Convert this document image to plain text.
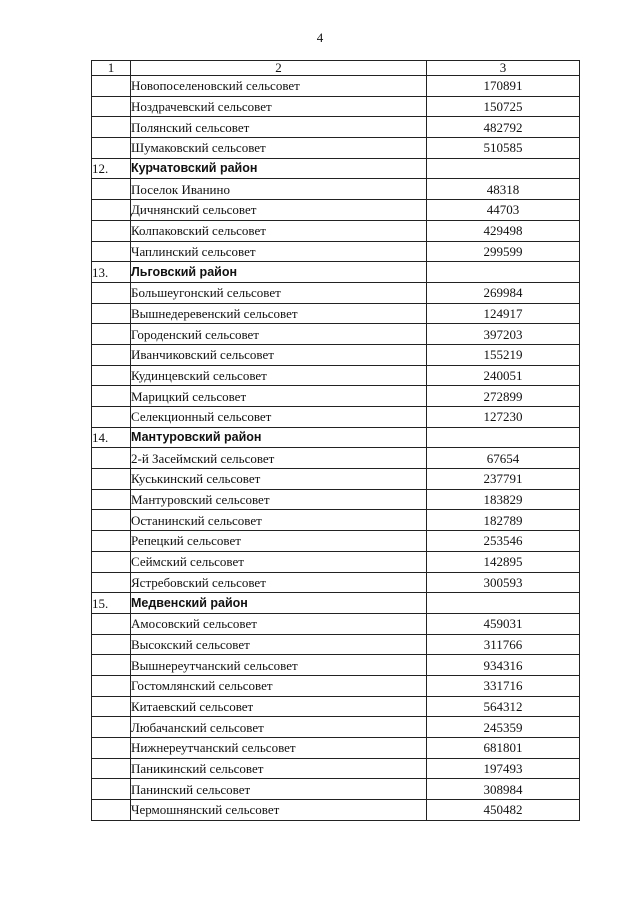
4
1	2	3
	Новопоселеновский сельсовет	170891
	Ноздрачевский сельсовет	150725
	Полянский сельсовет	482792
	Шумаковский сельсовет	510585
12.	Курчатовский район	
	Поселок Иванино	48318
	Дичнянский сельсовет	44703
	Колпаковский сельсовет	429498
	Чаплинский сельсовет	299599
13.	Льговский район	
	Большеугонский сельсовет	269984
	Вышнедеревенский сельсовет	124917
	Городенский сельсовет	397203
	Иванчиковский сельсовет	155219
	Кудинцевский сельсовет	240051
	Марицкий сельсовет	272899
	Селекционный сельсовет	127230
14.	Мантуровский район	
	2-й Засеймский сельсовет	67654
	Куськинский сельсовет	237791
	Мантуровский сельсовет	183829
	Останинский сельсовет	182789
	Репецкий сельсовет	253546
	Сеймский сельсовет	142895
	Ястребовский сельсовет	300593
15.	Медвенский район	
	Амосовский сельсовет	459031
	Высокский сельсовет	311766
	Вышнереутчанский сельсовет	934316
	Гостомлянский сельсовет	331716
	Китаевский сельсовет	564312
	Любачанский сельсовет	245359
	Нижнереутчанский сельсовет	681801
	Паникинский сельсовет	197493
	Панинский сельсовет	308984
	Чермошнянский сельсовет	450482
